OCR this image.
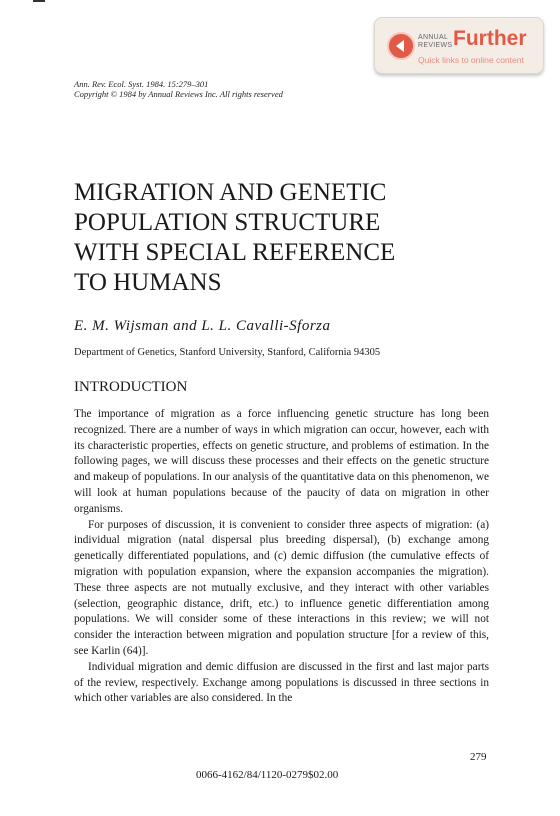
ANNUAL
REVIEWS Further
Quick links to online content
Ann. Rev. Ecol. Syst. 1984. 15:279–301
Copyright © 1984 by Annual Reviews Inc. All rights reserved
MIGRATION AND GENETIC
POPULATION STRUCTURE
WITH SPECIAL REFERENCE
TO HUMANS
E. M. Wijsman and L. L. Cavalli-Sforza
Department of Genetics, Stanford University, Stanford, California 94305
INTRODUCTION

The importance of migration as a force influencing genetic structure has long been recognized. There are a number of ways in which migration can occur, however, each with its characteristic properties, effects on genetic structure, and problems of estimation. In the following pages, we will discuss these processes and their effects on the genetic structure and makeup of populations. In our analysis of the quantitative data on this phenomenon, we will look at human populations because of the paucity of data on migration in other organisms.

For purposes of discussion, it is convenient to consider three aspects of migration: (a) individual migration (natal dispersal plus breeding dispersal), (b) exchange among genetically differentiated populations, and (c) demic diffusion (the cumulative effects of migration with population expansion, where the expansion accompanies the migration). These three aspects are not mutually exclusive, and they interact with other variables (selection, geographic distance, drift, etc.) to influence genetic differentiation among populations. We will consider some of these interactions in this review; we will not consider the interaction between migration and population structure [for a review of this, see Karlin (64)].

Individual migration and demic diffusion are discussed in the first and last major parts of the review, respectively. Exchange among populations is discussed in three sections in which other variables are also considered. In the

279
0066-4162/84/1120-0279$02.00
